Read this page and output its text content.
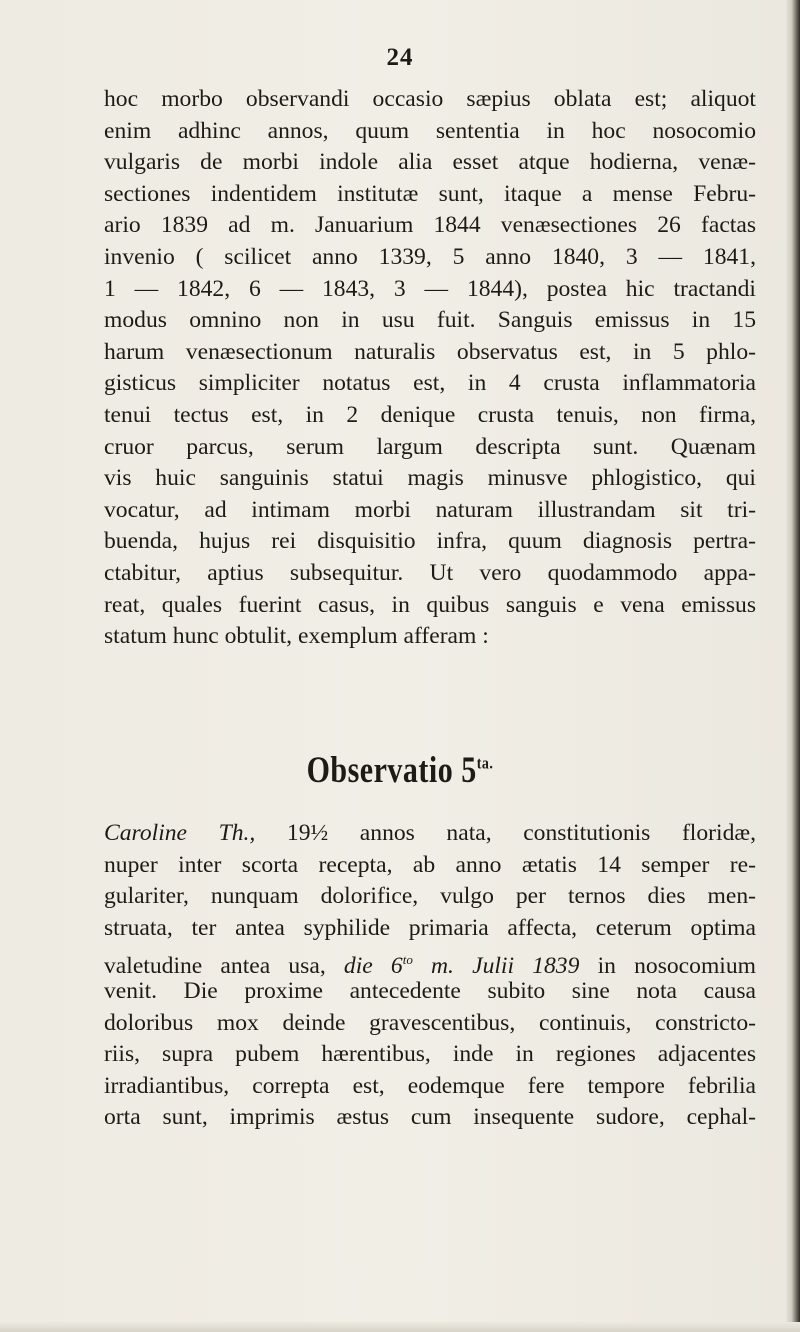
24
hoc morbo observandi occasio sæpius oblata est; aliquot
enim adhinc annos, quum sententia in hoc nosocomio
vulgaris de morbi indole alia esset atque hodierna, venæ-
sectiones indentidem institutæ sunt, itaque a mense Febru-
ario 1839 ad m. Januarium 1844 venæsectiones 26 factas
invenio ( scilicet anno 1339, 5 anno 1840, 3 — 1841,
1 — 1842, 6 — 1843, 3 — 1844), postea hic tractandi
modus omnino non in usu fuit. Sanguis emissus in 15
harum venæsectionum naturalis observatus est, in 5 phlo-
gisticus simpliciter notatus est, in 4 crusta inflammatoria
tenui tectus est, in 2 denique crusta tenuis, non firma,
cruor parcus, serum largum descripta sunt. Quænam
vis huic sanguinis statui magis minusve phlogistico, qui
vocatur, ad intimam morbi naturam illustrandam sit tri-
buenda, hujus rei disquisitio infra, quum diagnosis pertra-
ctabitur, aptius subsequitur. Ut vero quodammodo appa-
reat, quales fuerint casus, in quibus sanguis e vena emissus
statum hunc obtulit, exemplum afferam :
Observatio $5^{ta.}$
Caroline Th., 19½ annos nata, constitutionis floridæ,
nuper inter scorta recepta, ab anno ætatis 14 semper re-
gulariter, nunquam dolorifice, vulgo per ternos dies men-
struata, ter antea syphilide primaria affecta, ceterum optima
valetudine antea usa, die $6^{to}$ m. Julii 1839 in nosocomium
venit. Die proxime antecedente subito sine nota causa
doloribus mox deinde gravescentibus, continuis, constricto-
riis, supra pubem hærentibus, inde in regiones adjacentes
irradiantibus, correpta est, eodemque fere tempore febrilia
orta sunt, imprimis æstus cum insequente sudore, cephal-
